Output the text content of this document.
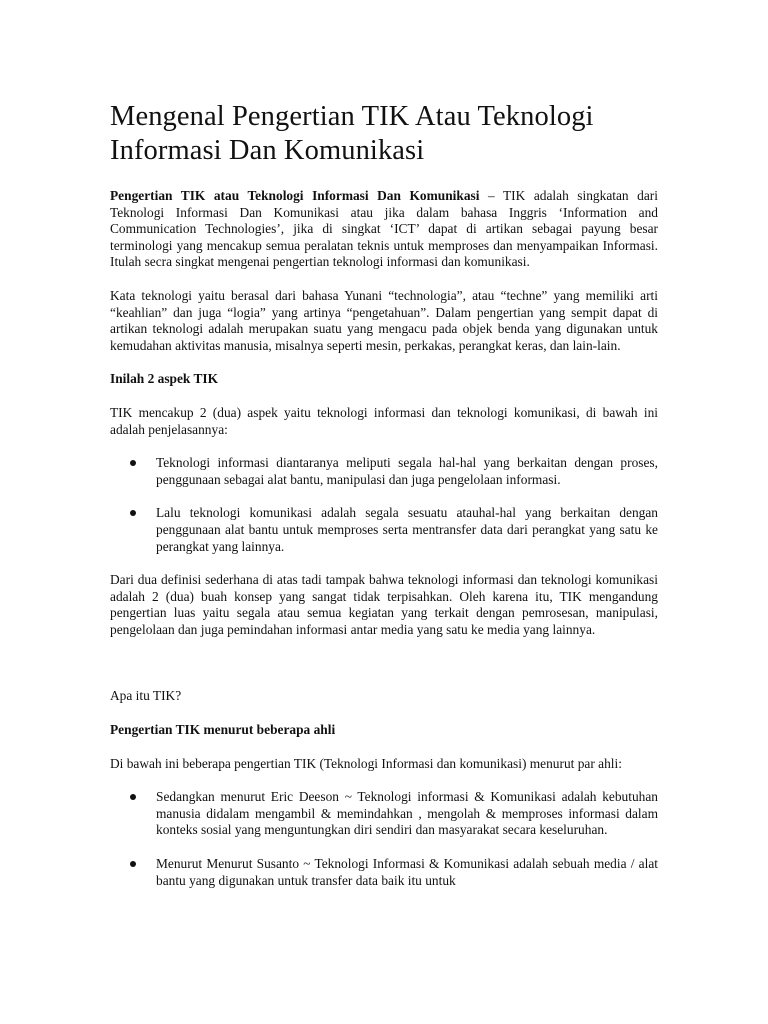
Mengenal Pengertian TIK Atau Teknologi Informasi Dan Komunikasi

Pengertian TIK atau Teknologi Informasi Dan Komunikasi – TIK adalah singkatan dari Teknologi Informasi Dan Komunikasi atau jika dalam bahasa Inggris ‘Information and Communication Technologies’, jika di singkat ‘ICT’ dapat di artikan sebagai payung besar terminologi yang mencakup semua peralatan teknis untuk memproses dan menyampaikan Informasi. Itulah secra singkat mengenai pengertian teknologi informasi dan komunikasi.

Kata teknologi yaitu berasal dari bahasa Yunani “technologia”, atau “techne” yang memiliki arti “keahlian” dan juga “logia” yang artinya “pengetahuan”. Dalam pengertian yang sempit dapat di artikan teknologi adalah merupakan suatu yang mengacu pada objek benda yang digunakan untuk kemudahan aktivitas manusia, misalnya seperti mesin, perkakas, perangkat keras, dan lain-lain.

Inilah 2 aspek TIK

TIK mencakup 2 (dua) aspek yaitu teknologi informasi dan teknologi komunikasi, di bawah ini adalah penjelasannya:

Teknologi informasi diantaranya meliputi segala hal-hal yang berkaitan dengan proses, penggunaan sebagai alat bantu, manipulasi dan juga pengelolaan informasi.
Lalu teknologi komunikasi adalah segala sesuatu atauhal-hal yang berkaitan dengan penggunaan alat bantu untuk memproses serta mentransfer data dari perangkat yang satu ke perangkat yang lainnya.

Dari dua definisi sederhana di atas tadi tampak bahwa teknologi informasi dan teknologi komunikasi adalah 2 (dua) buah konsep yang sangat tidak terpisahkan. Oleh karena itu, TIK mengandung pengertian luas yaitu segala atau semua kegiatan yang terkait dengan pemrosesan, manipulasi, pengelolaan dan juga pemindahan informasi antar media yang satu ke media yang lainnya.

Apa itu TIK?

Pengertian TIK menurut beberapa ahli

Di bawah ini beberapa pengertian TIK (Teknologi Informasi dan komunikasi) menurut par ahli:

Sedangkan menurut Eric Deeson ~ Teknologi informasi & Komunikasi adalah kebutuhan manusia didalam mengambil & memindahkan , mengolah & memproses informasi dalam konteks sosial yang menguntungkan diri sendiri dan masyarakat secara keseluruhan.
Menurut Menurut Susanto ~ Teknologi Informasi & Komunikasi adalah sebuah media / alat bantu yang digunakan untuk transfer data baik itu untuk
